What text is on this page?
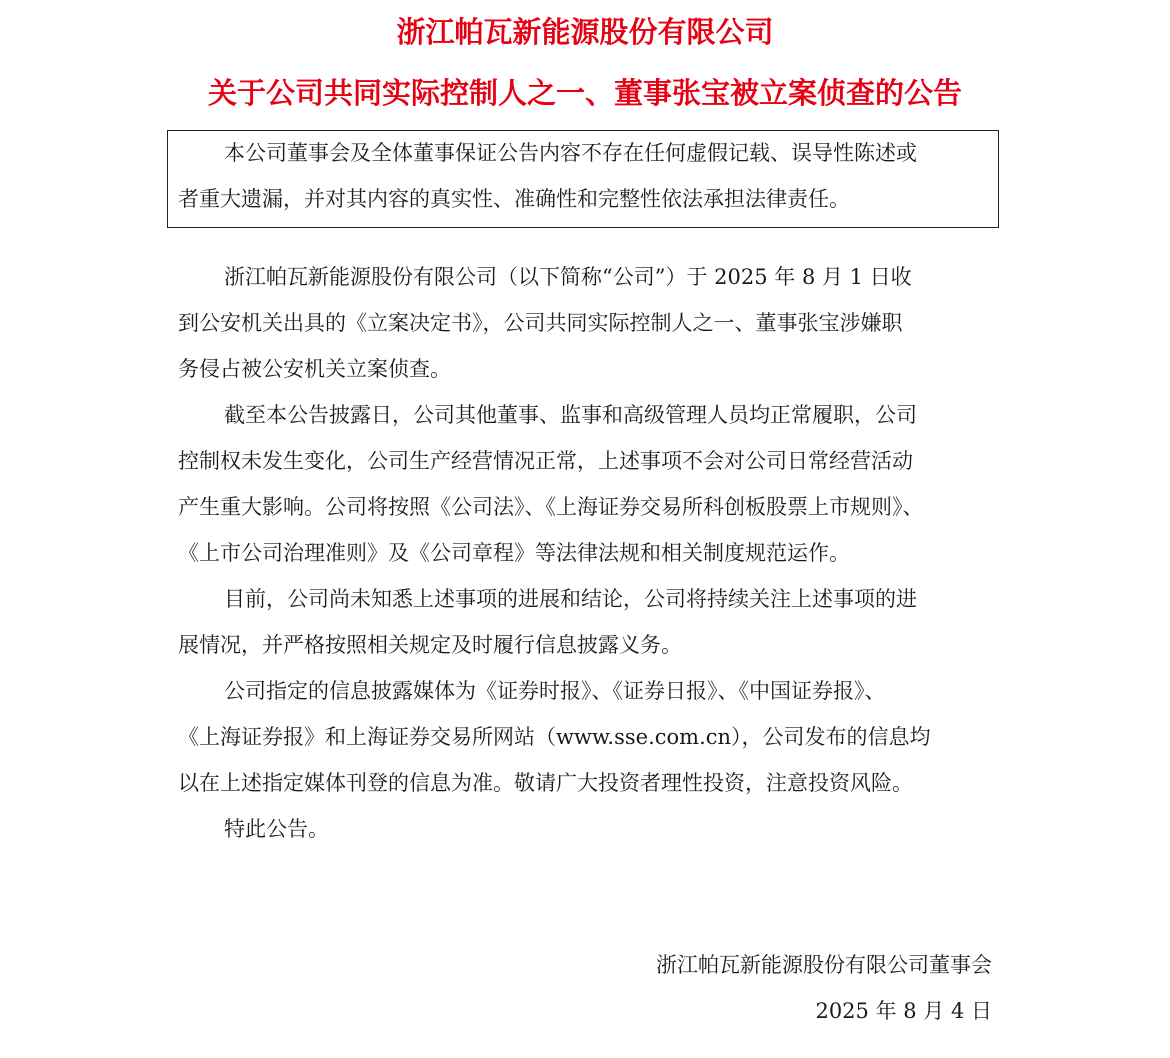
浙江帕瓦新能源股份有限公司
关于公司共同实际控制人之一、董事张宝被立案侦查的公告
本公司董事会及全体董事保证公告内容不存在任何虚假记载、误导性陈述或
者重大遗漏，并对其内容的真实性、准确性和完整性依法承担法律责任。
浙江帕瓦新能源股份有限公司（以下简称“公司”）于 2025 年 8 月 1 日收
到公安机关出具的《立案决定书》，公司共同实际控制人之一、董事张宝涉嫌职
务侵占被公安机关立案侦查。
截至本公告披露日，公司其他董事、监事和高级管理人员均正常履职，公司
控制权未发生变化，公司生产经营情况正常，上述事项不会对公司日常经营活动
产生重大影响。公司将按照《公司法》、《上海证券交易所科创板股票上市规则》、
《上市公司治理准则》及《公司章程》等法律法规和相关制度规范运作。
目前，公司尚未知悉上述事项的进展和结论，公司将持续关注上述事项的进
展情况，并严格按照相关规定及时履行信息披露义务。
公司指定的信息披露媒体为《证券时报》、《证券日报》、《中国证券报》、
《上海证券报》和上海证券交易所网站（www.sse.com.cn），公司发布的信息均
以在上述指定媒体刊登的信息为准。敬请广大投资者理性投资，注意投资风险。
特此公告。
浙江帕瓦新能源股份有限公司董事会
2025 年 8 月 4 日
